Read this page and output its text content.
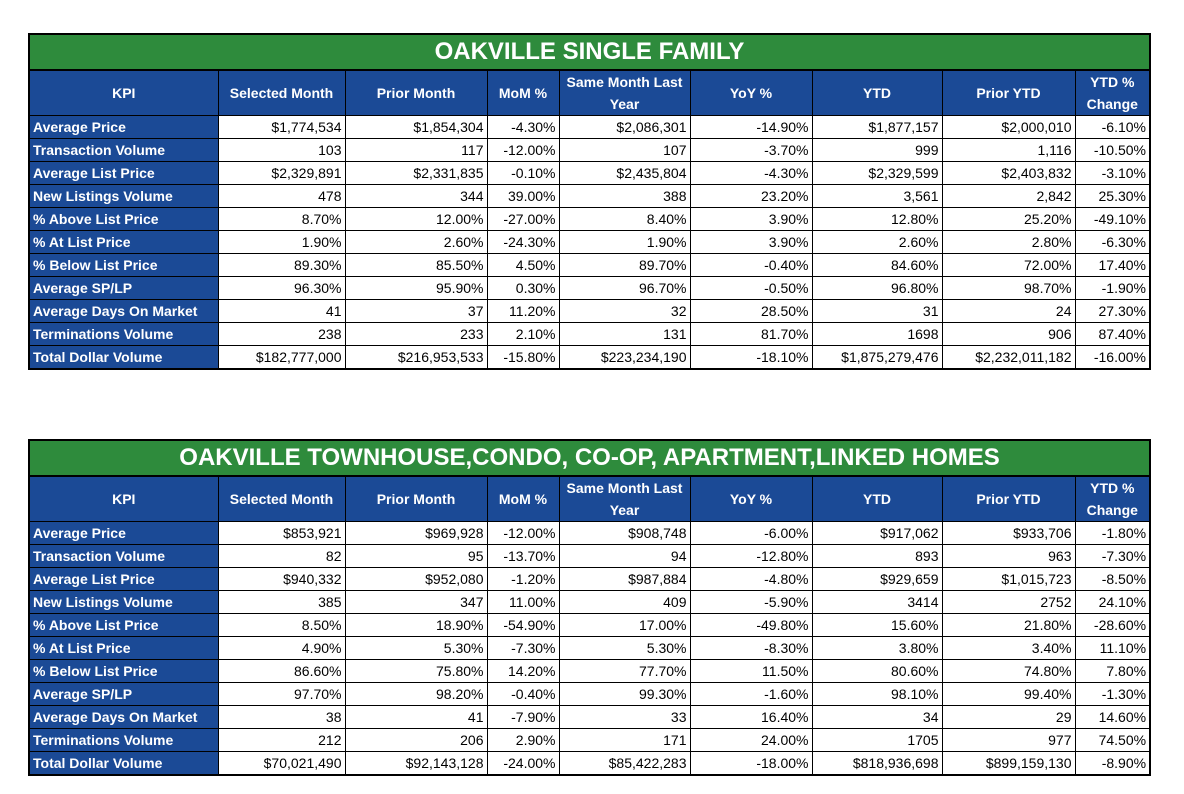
OAKVILLE SINGLE FAMILY								
KPI	Selected Month	Prior Month	MoM %	Same Month Last Year	YoY %	YTD	Prior YTD	YTD % Change
Average Price	$1,774,534	$1,854,304	-4.30%	$2,086,301	-14.90%	$1,877,157	$2,000,010	-6.10%
Transaction Volume	103	117	-12.00%	107	-3.70%	999	1,116	-10.50%
Average List Price	$2,329,891	$2,331,835	-0.10%	$2,435,804	-4.30%	$2,329,599	$2,403,832	-3.10%
New Listings Volume	478	344	39.00%	388	23.20%	3,561	2,842	25.30%
% Above List Price	8.70%	12.00%	-27.00%	8.40%	3.90%	12.80%	25.20%	-49.10%
% At List Price	1.90%	2.60%	-24.30%	1.90%	3.90%	2.60%	2.80%	-6.30%
% Below List Price	89.30%	85.50%	4.50%	89.70%	-0.40%	84.60%	72.00%	17.40%
Average SP/LP	96.30%	95.90%	0.30%	96.70%	-0.50%	96.80%	98.70%	-1.90%
Average Days On Market	41	37	11.20%	32	28.50%	31	24	27.30%
Terminations Volume	238	233	2.10%	131	81.70%	1698	906	87.40%
Total Dollar Volume	$182,777,000	$216,953,533	-15.80%	$223,234,190	-18.10%	$1,875,279,476	$2,232,011,182	-16.00%
OAKVILLE TOWNHOUSE,CONDO, CO-OP, APARTMENT,LINKED HOMES								
KPI	Selected Month	Prior Month	MoM %	Same Month Last Year	YoY %	YTD	Prior YTD	YTD % Change
Average Price	$853,921	$969,928	-12.00%	$908,748	-6.00%	$917,062	$933,706	-1.80%
Transaction Volume	82	95	-13.70%	94	-12.80%	893	963	-7.30%
Average List Price	$940,332	$952,080	-1.20%	$987,884	-4.80%	$929,659	$1,015,723	-8.50%
New Listings Volume	385	347	11.00%	409	-5.90%	3414	2752	24.10%
% Above List Price	8.50%	18.90%	-54.90%	17.00%	-49.80%	15.60%	21.80%	-28.60%
% At List Price	4.90%	5.30%	-7.30%	5.30%	-8.30%	3.80%	3.40%	11.10%
% Below List Price	86.60%	75.80%	14.20%	77.70%	11.50%	80.60%	74.80%	7.80%
Average SP/LP	97.70%	98.20%	-0.40%	99.30%	-1.60%	98.10%	99.40%	-1.30%
Average Days On Market	38	41	-7.90%	33	16.40%	34	29	14.60%
Terminations Volume	212	206	2.90%	171	24.00%	1705	977	74.50%
Total Dollar Volume	$70,021,490	$92,143,128	-24.00%	$85,422,283	-18.00%	$818,936,698	$899,159,130	-8.90%
